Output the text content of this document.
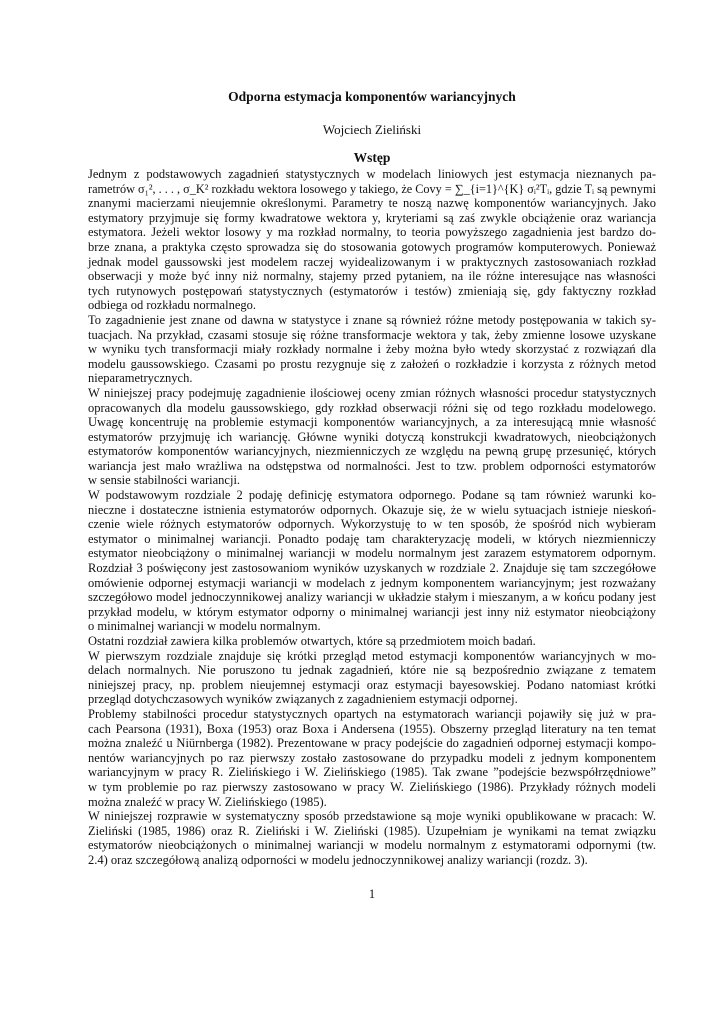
Odporna estymacja komponentów wariancyjnych
Wojciech Zieliński
Wstęp
Jednym z podstawowych zagadnień statystycznych w modelach liniowych jest estymacja nieznanych pa-
rametrów σ₁², . . . , σ_K² rozkładu wektora losowego y takiego, że Covy = ∑_{i=1}^{K} σᵢ²Tᵢ, gdzie Tᵢ są pewnymi
znanymi macierzami nieujemnie określonymi. Parametry te noszą nazwę komponentów wariancyjnych. Jako
estymatory przyjmuje się formy kwadratowe wektora y, kryteriami są zaś zwykle obciążenie oraz wariancja
estymatora. Jeżeli wektor losowy y ma rozkład normalny, to teoria powyższego zagadnienia jest bardzo do-
brze znana, a praktyka często sprowadza się do stosowania gotowych programów komputerowych. Ponieważ
jednak model gaussowski jest modelem raczej wyidealizowanym i w praktycznych zastosowaniach rozkład
obserwacji y może być inny niż normalny, stajemy przed pytaniem, na ile różne interesujące nas własności
tych rutynowych postępowań statystycznych (estymatorów i testów) zmieniają się, gdy faktyczny rozkład
odbiega od rozkładu normalnego.
To zagadnienie jest znane od dawna w statystyce i znane są również różne metody postępowania w takich sy-
tuacjach. Na przykład, czasami stosuje się różne transformacje wektora y tak, żeby zmienne losowe uzyskane
w wyniku tych transformacji miały rozkłady normalne i żeby można było wtedy skorzystać z rozwiązań dla
modelu gaussowskiego. Czasami po prostu rezygnuje się z założeń o rozkładzie i korzysta z różnych metod
nieparametrycznych.
W niniejszej pracy podejmuję zagadnienie ilościowej oceny zmian różnych własności procedur statystycznych
opracowanych dla modelu gaussowskiego, gdy rozkład obserwacji różni się od tego rozkładu modelowego.
Uwagę koncentruję na problemie estymacji komponentów wariancyjnych, a za interesującą mnie własność
estymatorów przyjmuję ich wariancję. Główne wyniki dotyczą konstrukcji kwadratowych, nieobciążonych
estymatorów komponentów wariancyjnych, niezmienniczych ze względu na pewną grupę przesunięć, których
wariancja jest mało wrażliwa na odstępstwa od normalności. Jest to tzw. problem odporności estymatorów
w sensie stabilności wariancji.
W podstawowym rozdziale 2 podaję definicję estymatora odpornego. Podane są tam również warunki ko-
nieczne i dostateczne istnienia estymatorów odpornych. Okazuje się, że w wielu sytuacjach istnieje nieskoń-
czenie wiele różnych estymatorów odpornych. Wykorzystuję to w ten sposób, że spośród nich wybieram
estymator o minimalnej wariancji. Ponadto podaję tam charakteryzację modeli, w których niezmienniczy
estymator nieobciążony o minimalnej wariancji w modelu normalnym jest zarazem estymatorem odpornym.
Rozdział 3 poświęcony jest zastosowaniom wyników uzyskanych w rozdziale 2. Znajduje się tam szczegółowe
omówienie odpornej estymacji wariancji w modelach z jednym komponentem wariancyjnym; jest rozważany
szczegółowo model jednoczynnikowej analizy wariancji w układzie stałym i mieszanym, a w końcu podany jest
przykład modelu, w którym estymator odporny o minimalnej wariancji jest inny niż estymator nieobciążony
o minimalnej wariancji w modelu normalnym.
Ostatni rozdział zawiera kilka problemów otwartych, które są przedmiotem moich badań.
W pierwszym rozdziale znajduje się krótki przegląd metod estymacji komponentów wariancyjnych w mo-
delach normalnych. Nie poruszono tu jednak zagadnień, które nie są bezpośrednio związane z tematem
niniejszej pracy, np. problem nieujemnej estymacji oraz estymacji bayesowskiej. Podano natomiast krótki
przegląd dotychczasowych wyników związanych z zagadnieniem estymacji odpornej.
Problemy stabilności procedur statystycznych opartych na estymatorach wariancji pojawiły się już w pra-
cach Pearsona (1931), Boxa (1953) oraz Boxa i Andersena (1955). Obszerny przegląd literatury na ten temat
można znaleźć u Niürnberga (1982). Prezentowane w pracy podejście do zagadnień odpornej estymacji kompo-
nentów wariancyjnych po raz pierwszy zostało zastosowane do przypadku modeli z jednym komponentem
wariancyjnym w pracy R. Zielińskiego i W. Zielińskiego (1985). Tak zwane ”podejście bezwspółrzędniowe”
w tym problemie po raz pierwszy zastosowano w pracy W. Zielińskiego (1986). Przykłady różnych modeli
można znaleźć w pracy W. Zielińskiego (1985).
W niniejszej rozprawie w systematyczny sposób przedstawione są moje wyniki opublikowane w pracach: W.
Zieliński (1985, 1986) oraz R. Zieliński i W. Zieliński (1985). Uzupełniam je wynikami na temat związku
estymatorów nieobciążonych o minimalnej wariancji w modelu normalnym z estymatorami odpornymi (tw.
2.4) oraz szczegółową analizą odporności w modelu jednoczynnikowej analizy wariancji (rozdz. 3).
1
